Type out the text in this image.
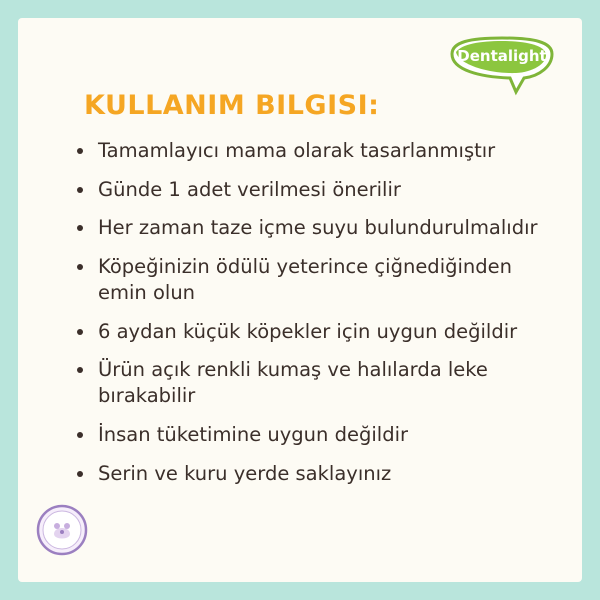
Dentalight
KULLANIM BILGISI:
Tamamlayıcı mama olarak tasarlanmıştır
Günde 1 adet verilmesi önerilir
Her zaman taze içme suyu bulundurulmalıdır
Köpeğinizin ödülü yeterince çiğnediğinden emin olun
6 aydan küçük köpekler için uygun değildir
Ürün açık renkli kumaş ve halılarda leke bırakabilir
İnsan tüketimine uygun değildir
Serin ve kuru yerde saklayınız
